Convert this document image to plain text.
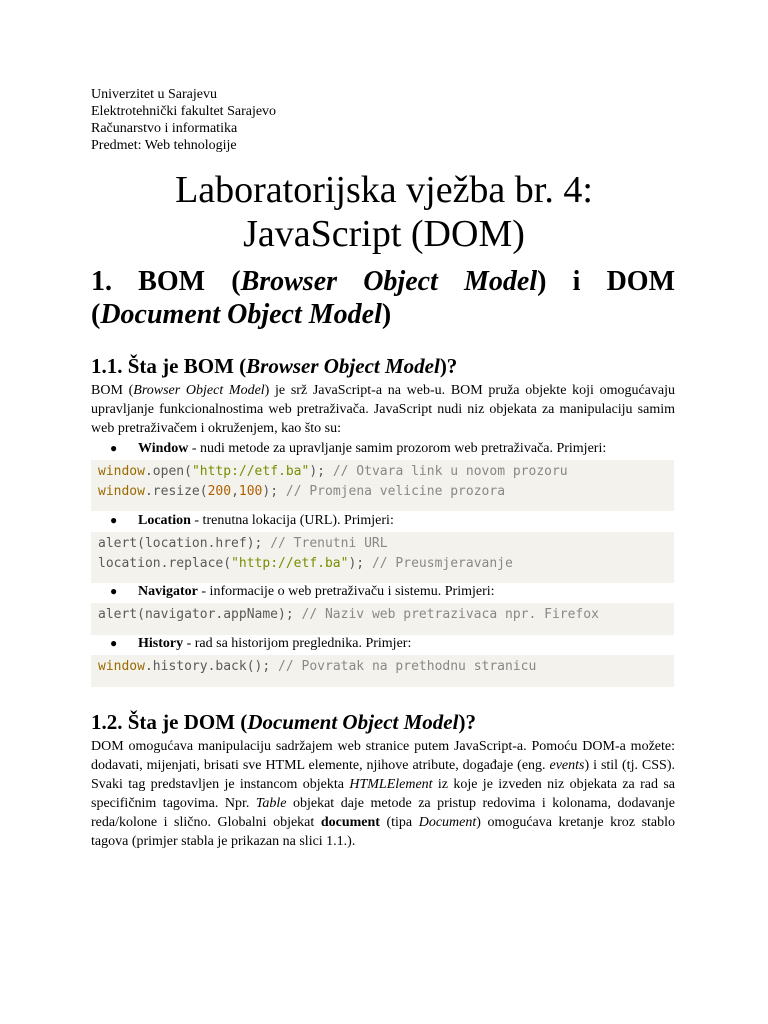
Univerzitet u Sarajevu
Elektrotehnički fakultet Sarajevo
Računarstvo i informatika
Predmet: Web tehnologije
Laboratorijska vježba br. 4:
JavaScript (DOM)
1. BOM (Browser Object Model) i DOM
(Document Object Model)
1.1. Šta je BOM (Browser Object Model)?

BOM (Browser Object Model) je srž JavaScript-a na web-u. BOM pruža objekte koji omogućavaju upravljanje funkcionalnostima web pretraživača. JavaScript nudi niz objekata za manipulaciju samim web pretraživačem i okruženjem, kao što su:

● Window - nudi metode za upravljanje samim prozorom web pretraživača. Primjeri:
window.open("http://etf.ba"); // Otvara link u novom prozoru
window.resize(200,100); // Promjena velicine prozora
● Location - trenutna lokacija (URL). Primjeri:
alert(location.href); // Trenutni URL
location.replace("http://etf.ba"); // Preusmjeravanje
● Navigator - informacije o web pretraživaču i sistemu. Primjeri:
alert(navigator.appName); // Naziv web pretrazivaca npr. Firefox
● History - rad sa historijom preglednika. Primjer:
window.history.back(); // Povratak na prethodnu stranicu
1.2. Šta je DOM (Document Object Model)?

DOM omogućava manipulaciju sadržajem web stranice putem JavaScript-a. Pomoću DOM-a možete: dodavati, mijenjati, brisati sve HTML elemente, njihove atribute, događaje (eng. events) i stil (tj. CSS). Svaki tag predstavljen je instancom objekta HTMLElement iz koje je izveden niz objekata za rad sa specifičnim tagovima. Npr. Table objekat daje metode za pristup redovima i kolonama, dodavanje reda/kolone i slično. Globalni objekat document (tipa Document) omogućava kretanje kroz stablo tagova (primjer stabla je prikazan na slici 1.1.).
